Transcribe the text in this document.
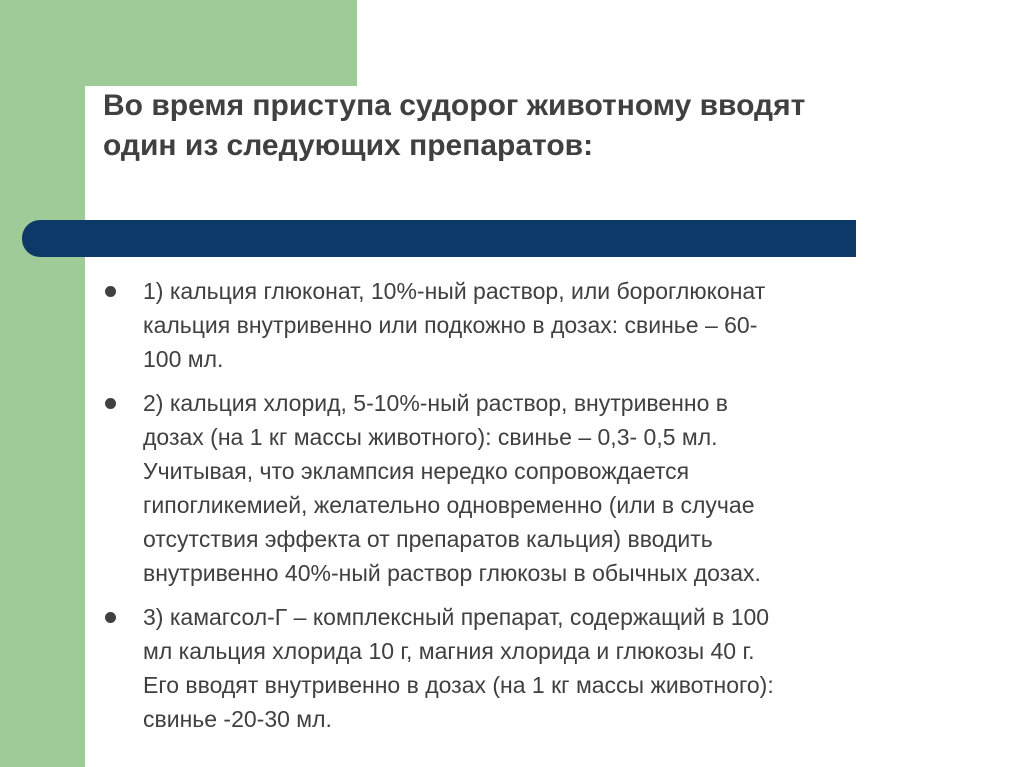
Во время приступа судорог животному вводят
один из следующих препаратов:
1) кальция глюконат, 10%-ный раствор, или бороглюконат
кальция внутривенно или подкожно в дозах: свинье – 60-
100 мл.
2) кальция хлорид, 5-10%-ный раствор, внутривенно в
дозах (на 1 кг массы животного): свинье – 0,3- 0,5 мл.
Учитывая, что эклампсия нередко сопровождается
гипогликемией, желательно одновременно (или в случае
отсутствия эффекта от препаратов кальция) вводить
внутривенно 40%-ный раствор глюкозы в обычных дозах.
3) камагсол-Г – комплексный препарат, содержащий в 100
мл кальция хлорида 10 г, магния хлорида и глюкозы 40 г.
Его вводят внутривенно в дозах (на 1 кг массы животного):
свинье -20-30 мл.
